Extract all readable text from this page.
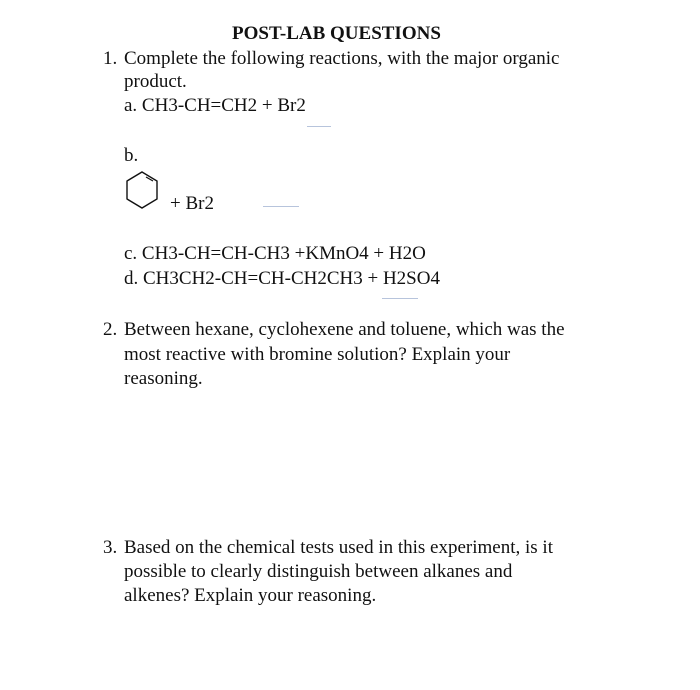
POST-LAB QUESTIONS
1. Complete the following reactions, with the major organic
product.
a. CH3-CH=CH2 + Br2
b.
+ Br2
c. CH3-CH=CH-CH3 +KMnO4 + H2O
d. CH3CH2-CH=CH-CH2CH3 + H2SO4
2. Between hexane, cyclohexene and toluene, which was the
most reactive with bromine solution? Explain your
reasoning.
3. Based on the chemical tests used in this experiment, is it
possible to clearly distinguish between alkanes and
alkenes? Explain your reasoning.
